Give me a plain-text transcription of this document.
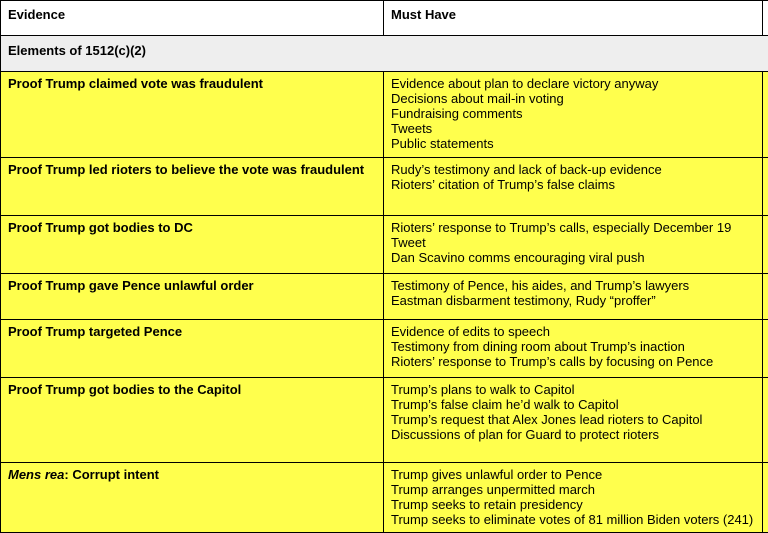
Evidence	Must Have	
Elements of 1512(c)(2)		
Proof Trump claimed vote was fraudulent	Evidence about plan to declare victory anyway
Decisions about mail-in voting
Fundraising comments
Tweets
Public statements	

Proof Trump led rioters to believe the vote was fraudulent	Rudy’s testimony and lack of back-up evidence
Rioters’ citation of Trump’s false claims	

Proof Trump got bodies to DC	Rioters’ response to Trump’s calls, especially December 19
Tweet
Dan Scavino comms encouraging viral push	

Proof Trump gave Pence unlawful order	Testimony of Pence, his aides, and Trump’s lawyers
Eastman disbarment testimony, Rudy “proffer”	

Proof Trump targeted Pence	Evidence of edits to speech
Testimony from dining room about Trump’s inaction
Rioters’ response to Trump’s calls by focusing on Pence	

Proof Trump got bodies to the Capitol	Trump’s plans to walk to Capitol
Trump’s false claim he’d walk to Capitol
Trump’s request that Alex Jones lead rioters to Capitol
Discussions of plan for Guard to protect rioters	

Mens rea: Corrupt intent	Trump gives unlawful order to Pence
Trump arranges unpermitted march
Trump seeks to retain presidency
Trump seeks to eliminate votes of 81 million Biden voters (241)	
